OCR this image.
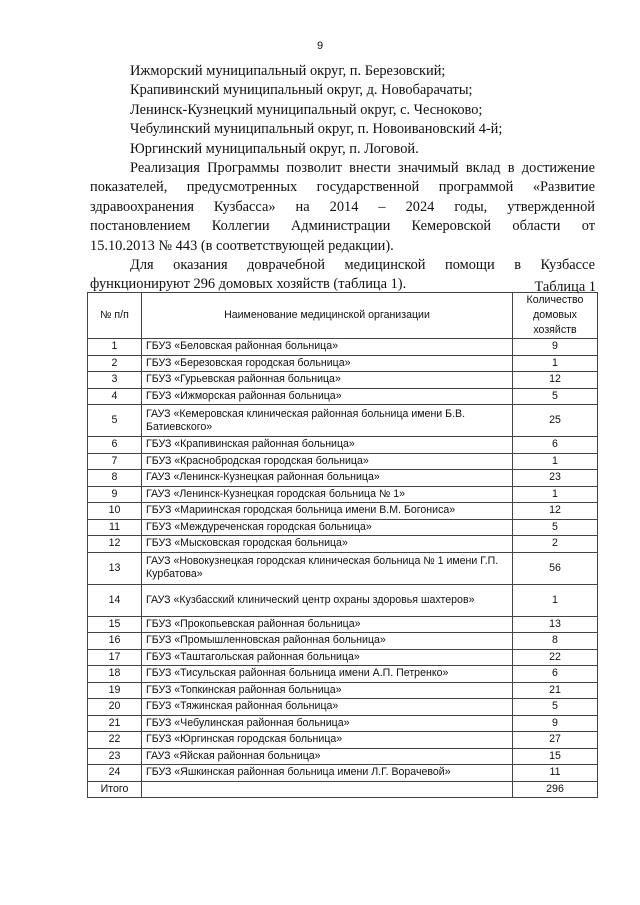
9

Ижморский муниципальный округ, п. Березовский;

Крапивинский муниципальный округ, д. Новобарачаты;

Ленинск-Кузнецкий муниципальный округ, с. Чесноково;

Чебулинский муниципальный округ, п. Новоивановский 4-й;

Юргинский муниципальный округ, п. Логовой.

Реализация Программы позволит внести значимый вклад в достижение

показателей, предусмотренных государственной программой «Развитие

здравоохранения Кузбасса» на 2014 – 2024 годы, утвержденной

постановлением Коллегии Администрации Кемеровской области от

15.10.2013 № 443 (в соответствующей редакции).

Для оказания доврачебной медицинской помощи в Кузбассе

функционируют 296 домовых хозяйств (таблица 1).	Таблица 1
№ п/п	Наименование медицинской организации	Количество домовых хозяйств
1	ГБУЗ «Беловская районная больница»	9
2	ГБУЗ «Березовская городская больница»	1
3	ГБУЗ «Гурьевская районная больница»	12
4	ГБУЗ «Ижморская районная больница»	5
5	ГАУЗ «Кемеровская клиническая районная больница имени Б.В. Батиевского»	25
6	ГБУЗ «Крапивинская районная больница»	6
7	ГБУЗ «Краснобродская городская больница»	1
8	ГАУЗ «Ленинск-Кузнецкая районная больница»	23
9	ГАУЗ «Ленинск-Кузнецкая городская больница № 1»	1
10	ГБУЗ «Мариинская городская больница имени В.М. Богониса»	12
11	ГБУЗ «Междуреченская городская больница»	5
12	ГБУЗ «Мысковская городская больница»	2
13	ГАУЗ «Новокузнецкая городская клиническая больница № 1 имени Г.П. Курбатова»	56
14	ГАУЗ «Кузбасский клинический центр охраны здоровья шахтеров»	1
15	ГБУЗ «Прокопьевская районная больница»	13
16	ГБУЗ «Промышленновская районная больница»	8
17	ГБУЗ «Таштагольская районная больница»	22
18	ГБУЗ «Тисульская районная больница имени А.П. Петренко»	6
19	ГБУЗ «Топкинская районная больница»	21
20	ГБУЗ «Тяжинская районная больница»	5
21	ГБУЗ «Чебулинская районная больница»	9
22	ГБУЗ «Юргинская городская больница»	27
23	ГАУЗ «Яйская районная больница»	15
24	ГБУЗ «Яшкинская районная больница имени Л.Г. Ворачевой»	11
Итого		296
